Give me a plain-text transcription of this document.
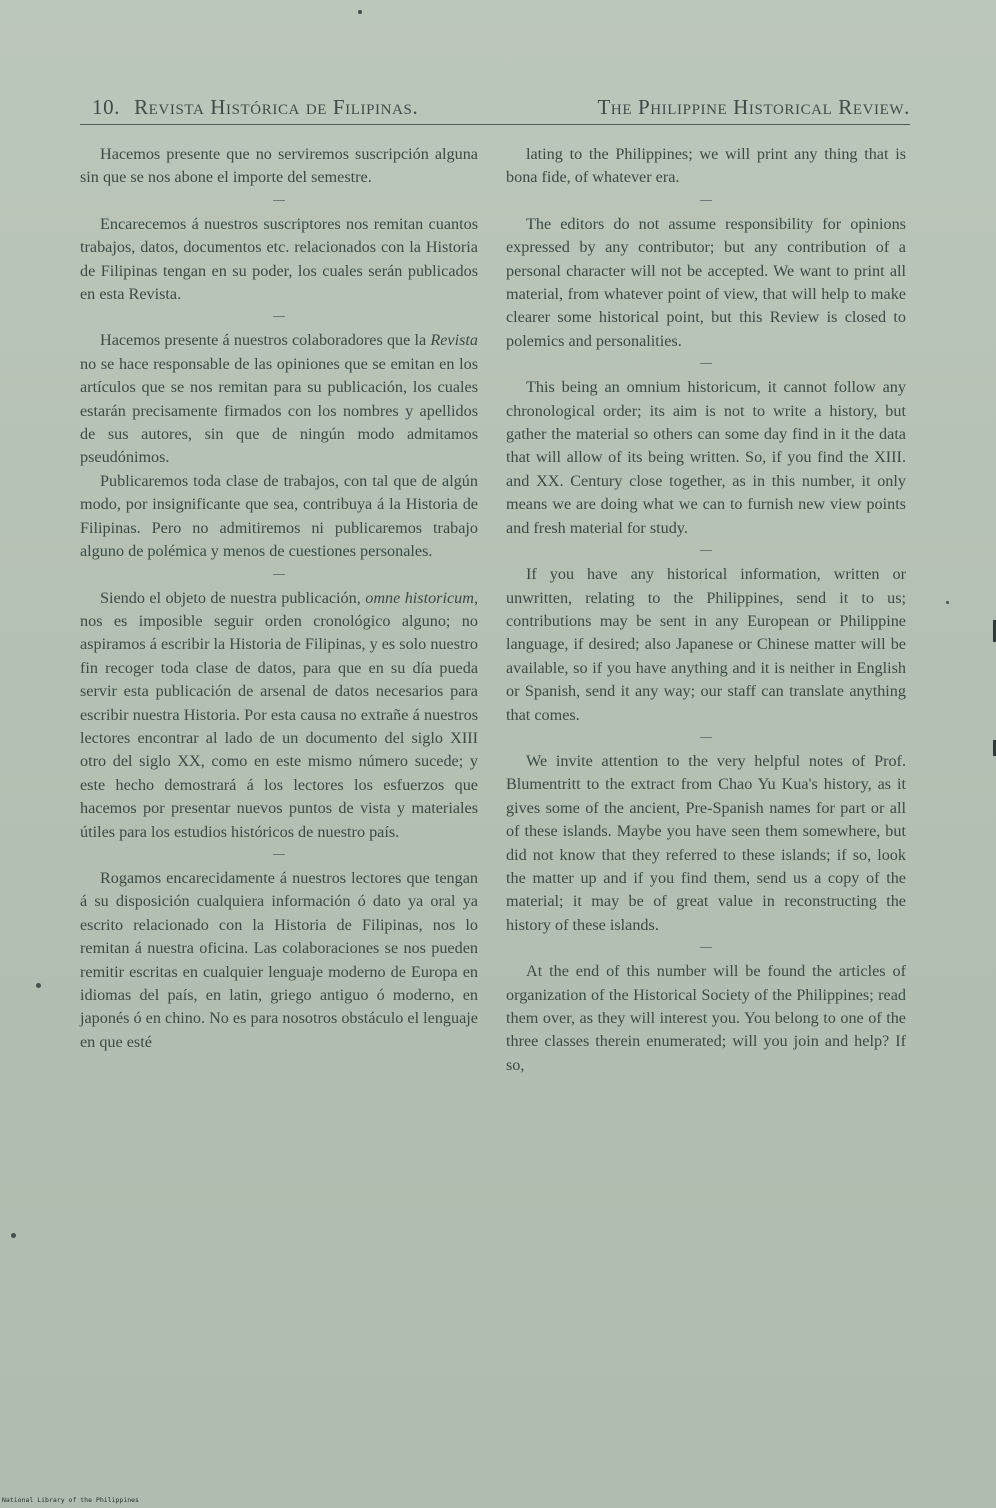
10. Revista Histórica de Filipinas.	The Philippine Historical Review.

Hacemos presente que no serviremos suscripción alguna sin que se nos abone el importe del semestre.

Encarecemos á nuestros suscriptores nos remitan cuantos trabajos, datos, documentos etc. relacionados con la Historia de Filipinas tengan en su poder, los cuales serán publicados en esta Revista.

Hacemos presente á nuestros colaboradores que la Revista no se hace responsable de las opiniones que se emitan en los artículos que se nos remitan para su publicación, los cuales estarán precisamente firmados con los nombres y apellidos de sus autores, sin que de ningún modo admitamos pseudónimos.

Publicaremos toda clase de trabajos, con tal que de algún modo, por insignificante que sea, contribuya á la Historia de Filipinas. Pero no admitiremos ni publicaremos trabajo alguno de polémica y menos de cuestiones personales.

Siendo el objeto de nuestra publicación, omne historicum, nos es imposible seguir orden cronológico alguno; no aspiramos á escribir la Historia de Filipinas, y es solo nuestro fin recoger toda clase de datos, para que en su día pueda servir esta publicación de arsenal de datos necesarios para escribir nuestra Historia. Por esta causa no extrañe á nuestros lectores encontrar al lado de un documento del siglo XIII otro del siglo XX, como en este mismo número sucede; y este hecho demostrará á los lectores los esfuerzos que hacemos por presentar nuevos puntos de vista y materiales útiles para los estudios históricos de nuestro país.

Rogamos encarecidamente á nuestros lectores que tengan á su disposición cualquiera información ó dato ya oral ya escrito relacionado con la Historia de Filipinas, nos lo remitan á nuestra oficina. Las colaboraciones se nos pueden remitir escritas en cualquier lenguaje moderno de Europa en idiomas del país, en latin, griego antiguo ó moderno, en japonés ó en chino. No es para nosotros obstáculo el lenguaje en que esté

lating to the Philippines; we will print any thing that is bona fide, of whatever era.

The editors do not assume responsibility for opinions expressed by any contributor; but any contribution of a personal character will not be accepted. We want to print all material, from whatever point of view, that will help to make clearer some historical point, but this Review is closed to polemics and personalities.

This being an omnium historicum, it cannot follow any chronological order; its aim is not to write a history, but gather the material so others can some day find in it the data that will allow of its being written. So, if you find the XIII. and XX. Century close together, as in this number, it only means we are doing what we can to furnish new view points and fresh material for study.

If you have any historical information, written or unwritten, relating to the Philippines, send it to us; contributions may be sent in any European or Philippine language, if desired; also Japanese or Chinese matter will be available, so if you have anything and it is neither in English or Spanish, send it any way; our staff can translate anything that comes.

We invite attention to the very helpful notes of Prof. Blumentritt to the extract from Chao Yu Kua's history, as it gives some of the ancient, Pre-Spanish names for part or all of these islands. Maybe you have seen them somewhere, but did not know that they referred to these islands; if so, look the matter up and if you find them, send us a copy of the material; it may be of great value in reconstructing the history of these islands.

At the end of this number will be found the articles of organization of the Historical Society of the Philippines; read them over, as they will interest you. You belong to one of the three classes therein enumerated; will you join and help? If so,

National Library of the Philippines
